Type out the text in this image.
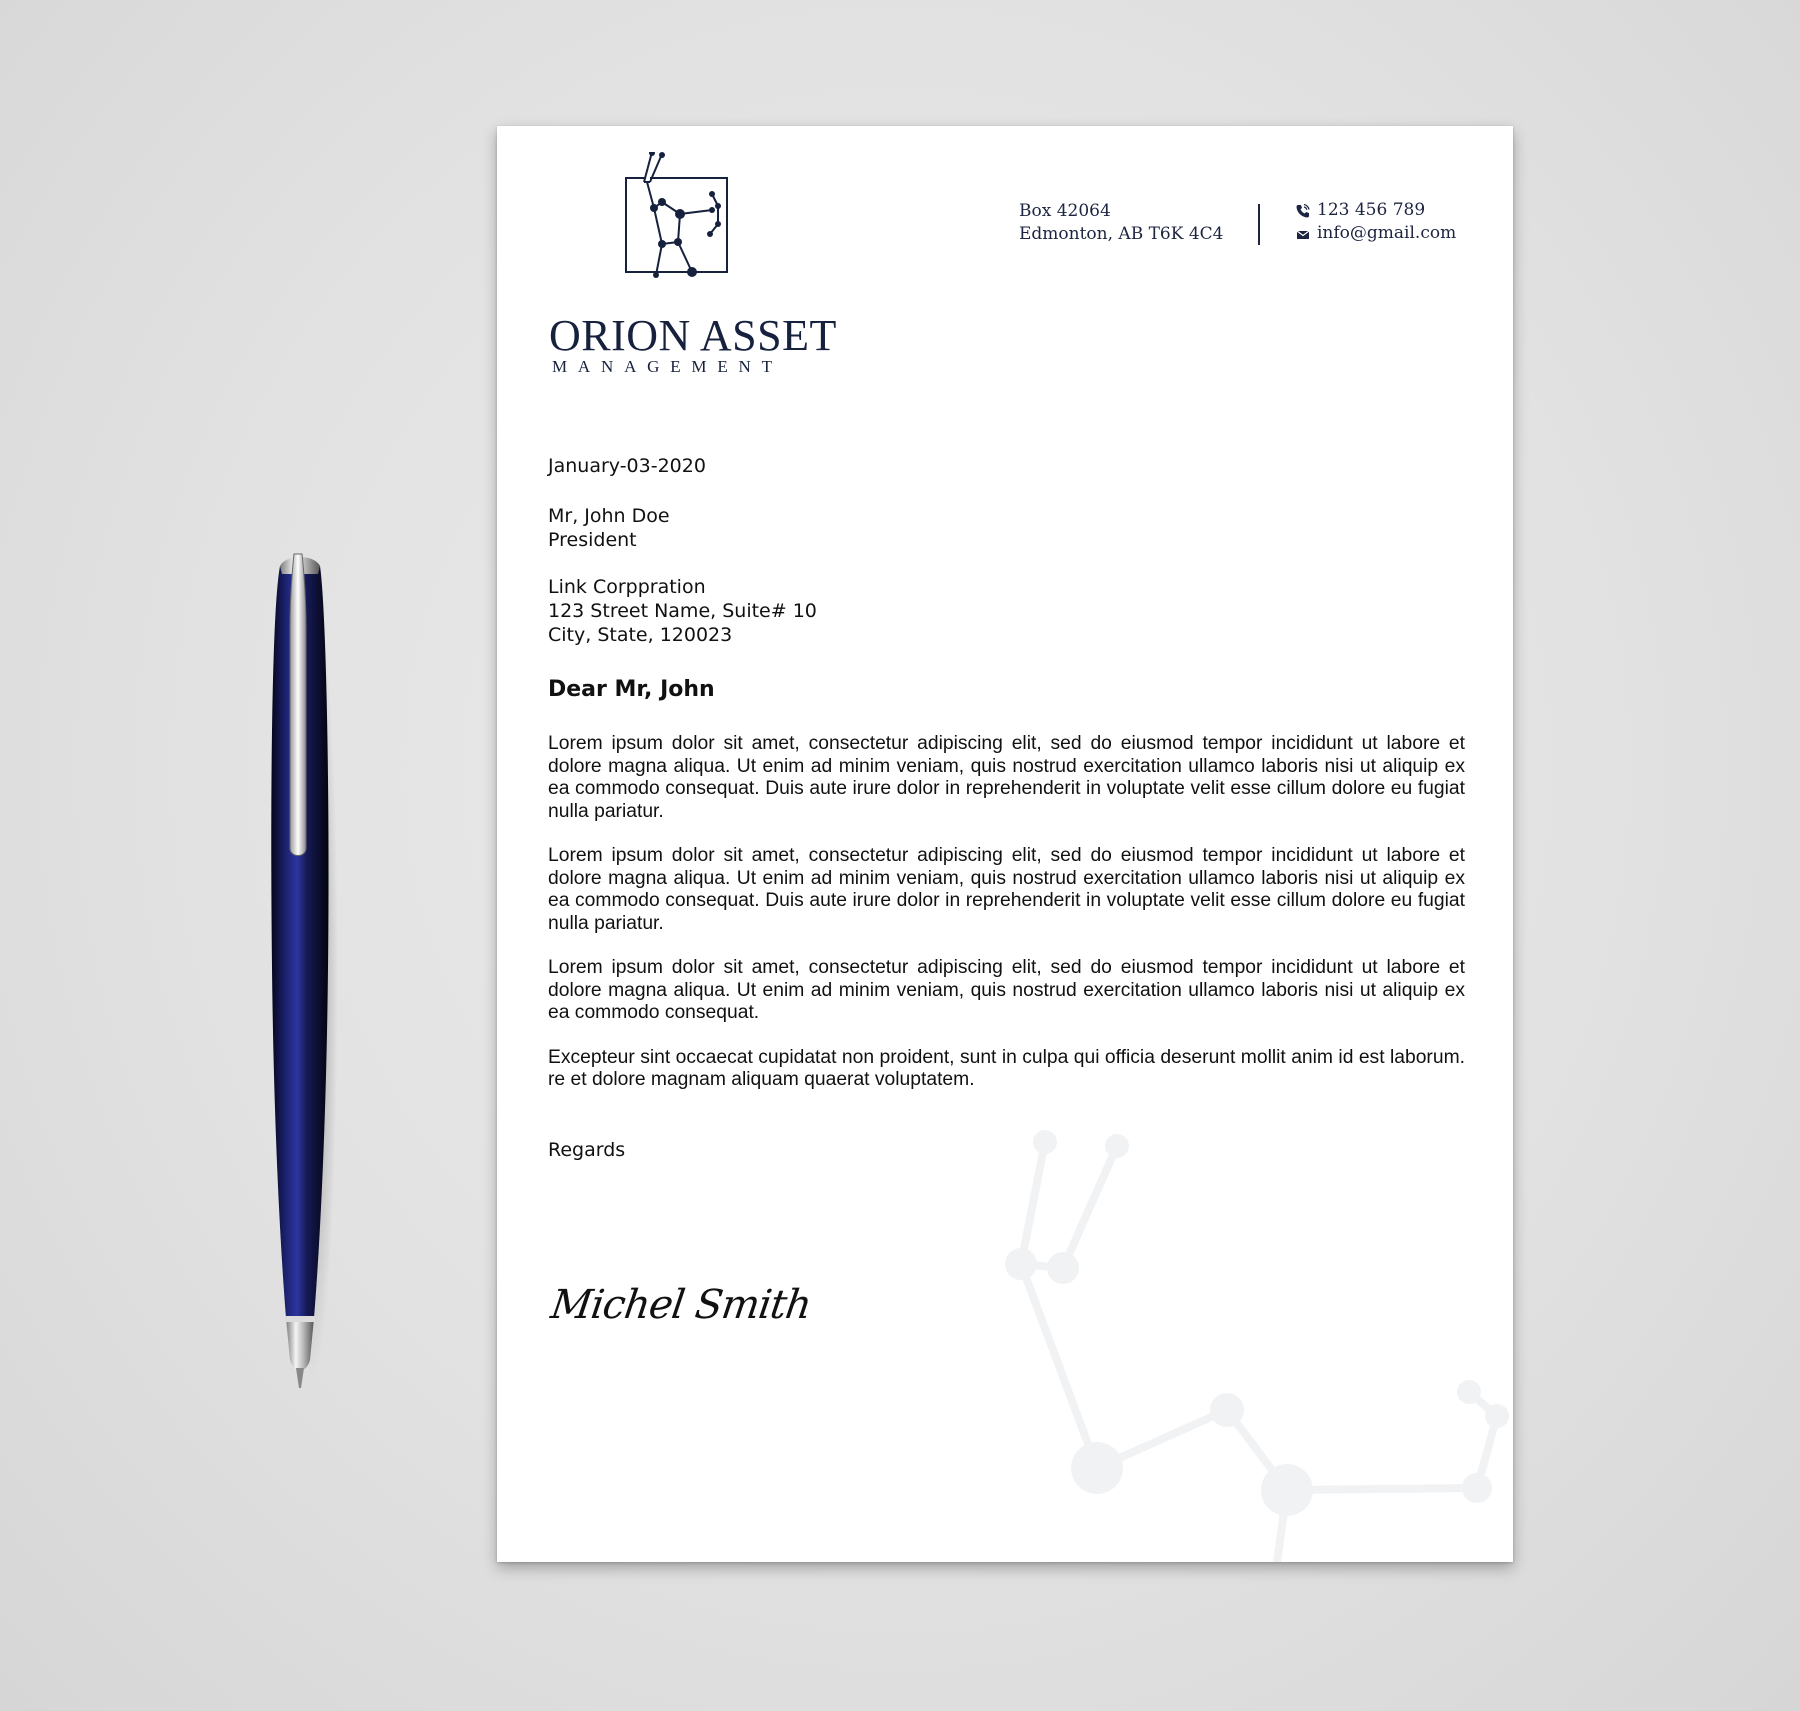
ORION ASSET
MANAGEMENT
Box 42064
Edmonton, AB T6K 4C4
123 456 789
info@gmail.com
January-03-2020
Mr, John Doe
President
Link Corppration
123 Street Name, Suite# 10
City, State, 120023
Dear Mr, John

Lorem ipsum dolor sit amet, consectetur adipiscing elit, sed do eiusmod tempor incididunt ut labore et dolore magna aliqua. Ut enim ad minim veniam, quis nostrud exercitation ullamco laboris nisi ut aliquip ex ea commodo consequat. Duis aute irure dolor in reprehenderit in voluptate velit esse cillum dolore eu fugiat nulla pariatur.

Lorem ipsum dolor sit amet, consectetur adipiscing elit, sed do eiusmod tempor incididunt ut labore et dolore magna aliqua. Ut enim ad minim veniam, quis nostrud exercitation ullamco laboris nisi ut aliquip ex ea commodo consequat. Duis aute irure dolor in reprehenderit in voluptate velit esse cillum dolore eu fugiat nulla pariatur.

Lorem ipsum dolor sit amet, consectetur adipiscing elit, sed do eiusmod tempor incididunt ut labore et dolore magna aliqua. Ut enim ad minim veniam, quis nostrud exercitation ullamco laboris nisi ut aliquip ex ea commodo consequat.

Excepteur sint occaecat cupidatat non proident, sunt in culpa qui officia deserunt mollit anim id est laborum. re et dolore magnam aliquam quaerat voluptatem.

Regards
Michel Smith
